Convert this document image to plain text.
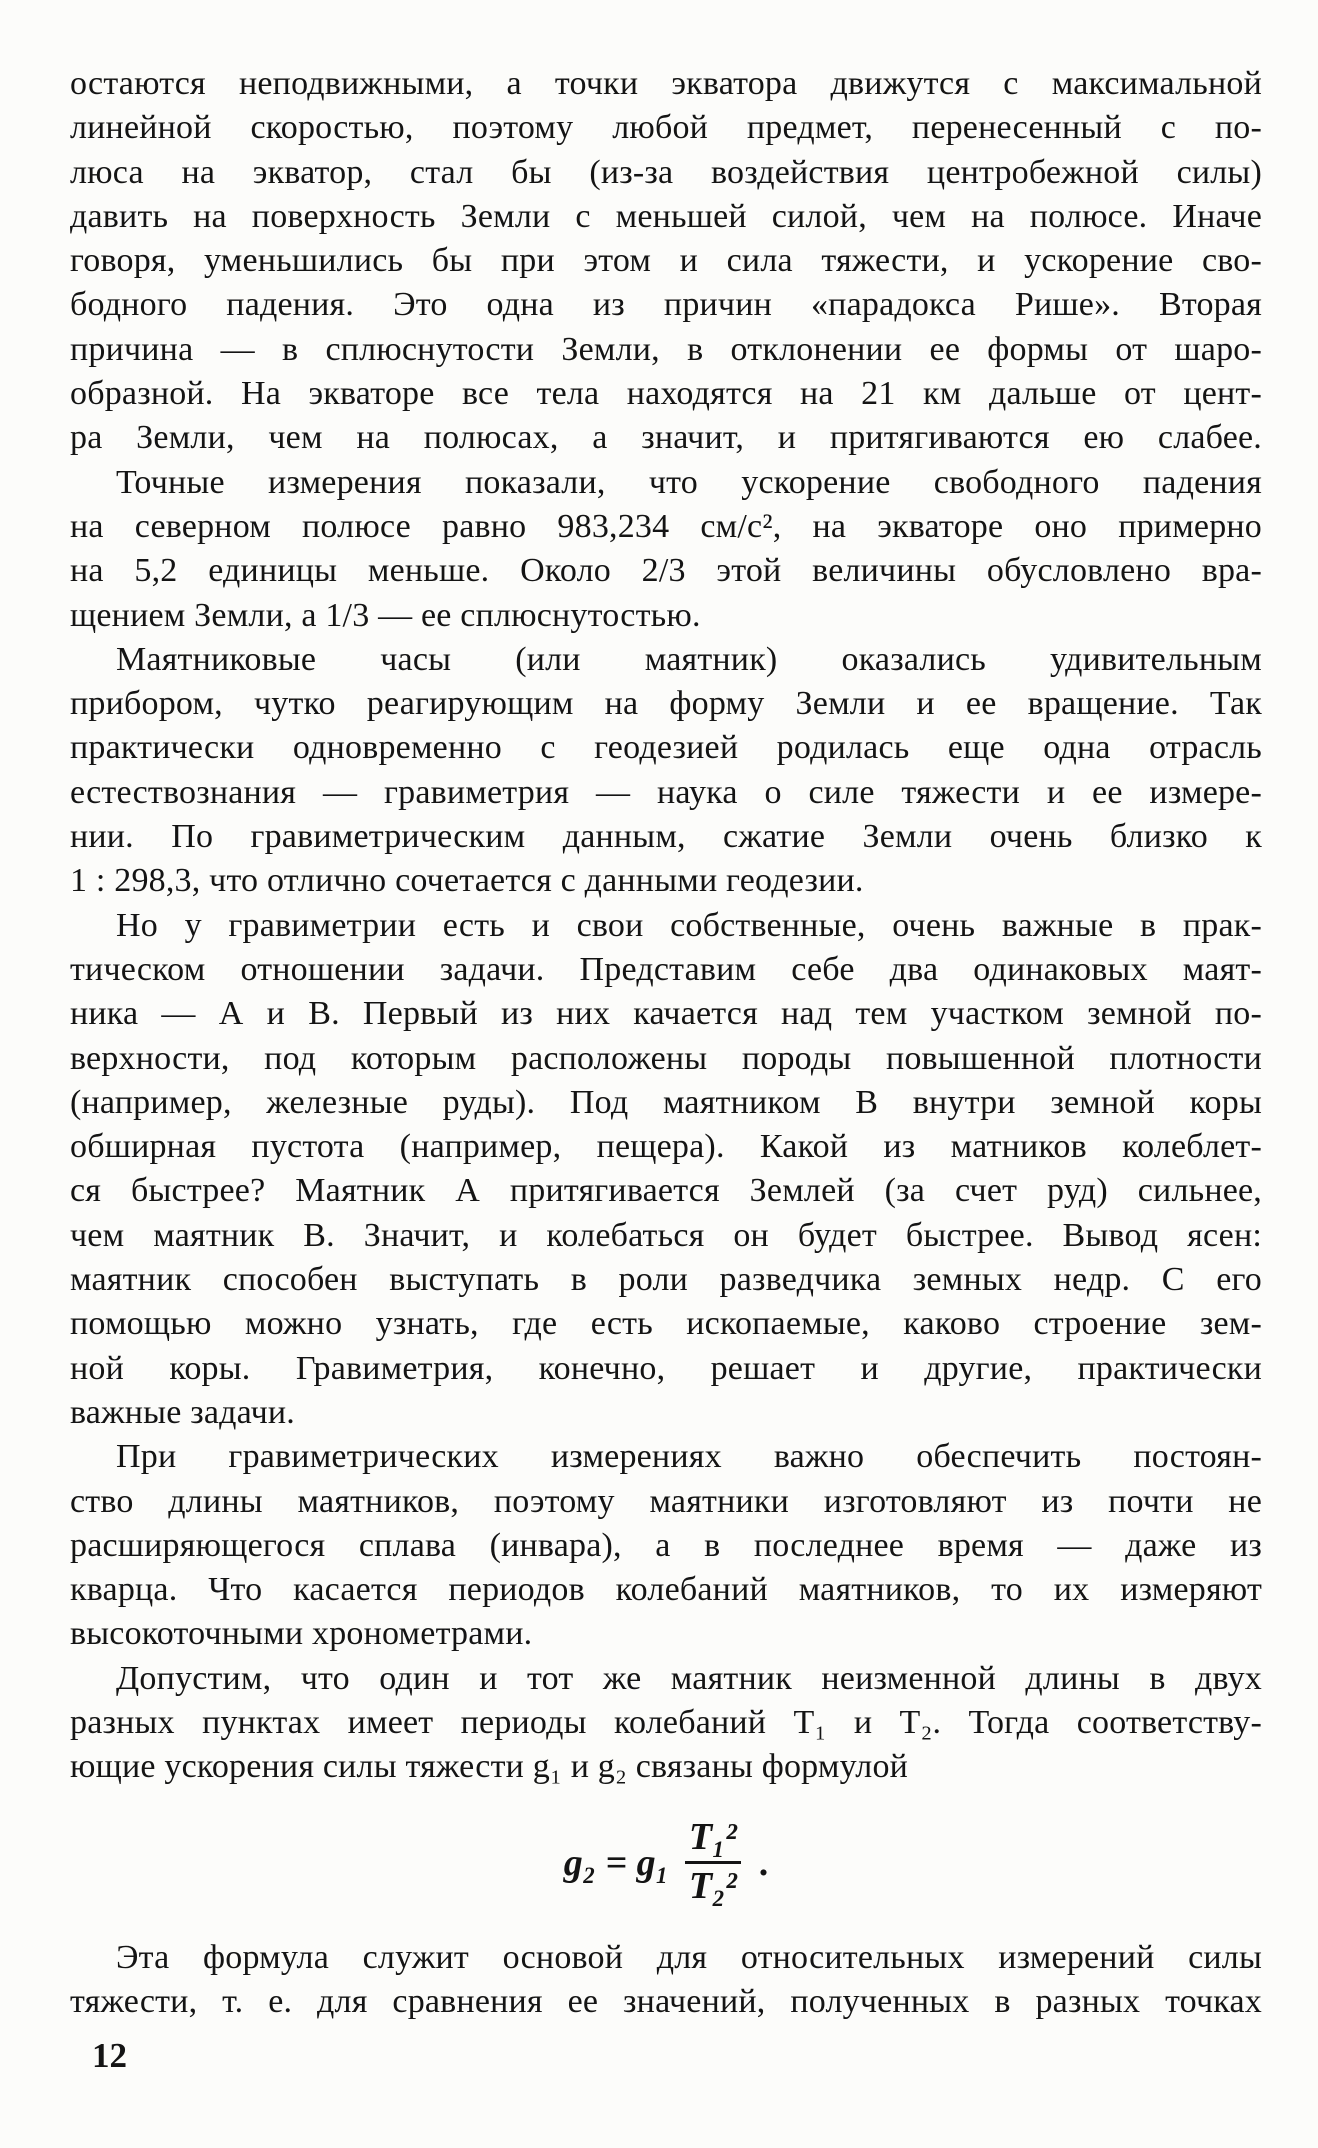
остаются неподвижными, а точки экватора движутся с максимальной
линейной скоростью, поэтому любой предмет, перенесенный с по-
люса на экватор, стал бы (из-за воздействия центробежной силы)
давить на поверхность Земли с меньшей силой, чем на полюсе. Иначе
говоря, уменьшились бы при этом и сила тяжести, и ускорение сво-
бодного падения. Это одна из причин «парадокса Рише». Вторая
причина — в сплюснутости Земли, в отклонении ее формы от шаро-
образной. На экваторе все тела находятся на 21 км дальше от цент-
ра Земли, чем на полюсах, а значит, и притягиваются ею слабее.
Точные измерения показали, что ускорение свободного падения
на северном полюсе равно 983,234 см/с², на экваторе оно примерно
на 5,2 единицы меньше. Около 2/3 этой величины обусловлено вра-
щением Земли, а 1/3 — ее сплюснутостью.
Маятниковые часы (или маятник) оказались удивительным
прибором, чутко реагирующим на форму Земли и ее вращение. Так
практически одновременно с геодезией родилась еще одна отрасль
естествознания — гравиметрия — наука о силе тяжести и ее измере-
нии. По гравиметрическим данным, сжатие Земли очень близко к
1 : 298,3, что отлично сочетается с данными геодезии.
Но у гравиметрии есть и свои собственные, очень важные в прак-
тическом отношении задачи. Представим себе два одинаковых маят-
ника — А и В. Первый из них качается над тем участком земной по-
верхности, под которым расположены породы повышенной плотности
(например, железные руды). Под маятником В внутри земной коры
обширная пустота (например, пещера). Какой из матников колеблет-
ся быстрее? Маятник А притягивается Землей (за счет руд) сильнее,
чем маятник В. Значит, и колебаться он будет быстрее. Вывод ясен:
маятник способен выступать в роли разведчика земных недр. С его
помощью можно узнать, где есть ископаемые, каково строение зем-
ной коры. Гравиметрия, конечно, решает и другие, практически
важные задачи.
При гравиметрических измерениях важно обеспечить постоян-
ство длины маятников, поэтому маятники изготовляют из почти не
расширяющегося сплава (инвара), а в последнее время — даже из
кварца. Что касается периодов колебаний маятников, то их измеряют
высокоточными хронометрами.
Допустим, что один и тот же маятник неизменной длины в двух
разных пунктах имеет периоды колебаний Т₁ и Т₂. Тогда соответству-
ющие ускорения силы тяжести g₁ и g₂ связаны формулой
$g_2 = g_1 \frac{\text{T₁²}}{\text{T₂²}}$ .
Эта формула служит основой для относительных измерений силы
тяжести, т. е. для сравнения ее значений, полученных в разных точках
12
